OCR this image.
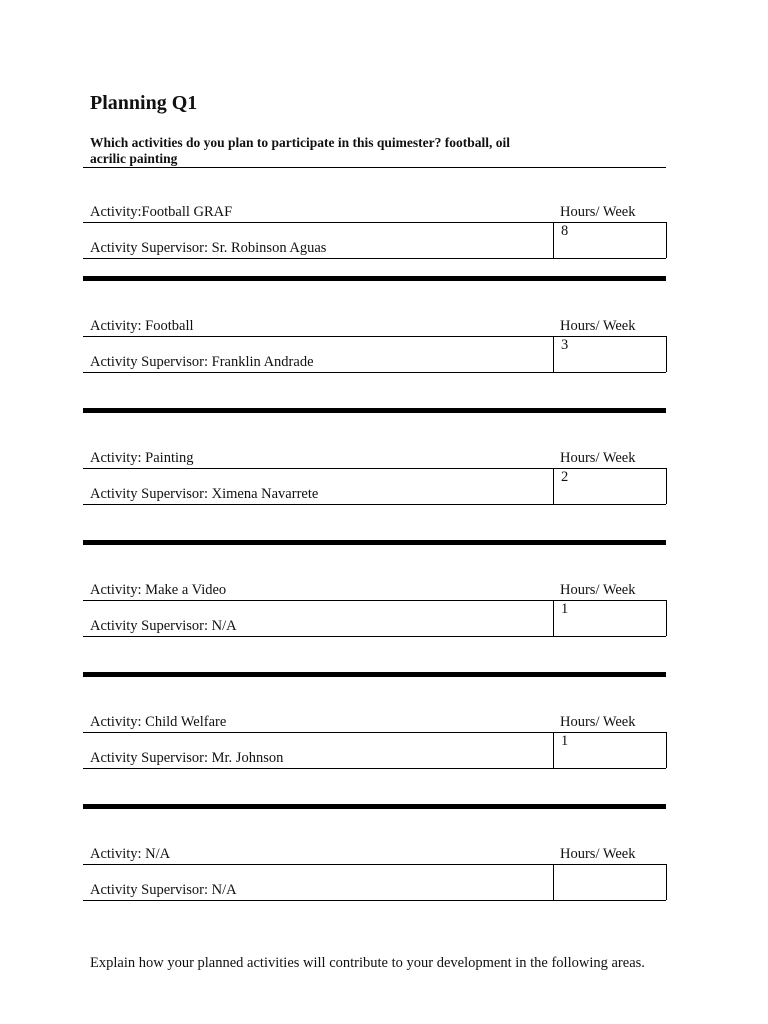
Planning Q1
Which activities do you plan to participate in this quimester? football, oil acrilic painting
Activity:Football GRAF	Hours/ Week
8
Activity Supervisor: Sr. Robinson Aguas
Activity: Football	Hours/ Week
3
Activity Supervisor: Franklin Andrade
Activity: Painting	Hours/ Week
2
Activity Supervisor: Ximena Navarrete
Activity: Make a Video	Hours/ Week
1
Activity Supervisor: N/A
Activity: Child Welfare	Hours/ Week
1
Activity Supervisor: Mr. Johnson
Activity: N/A	Hours/ Week
Activity Supervisor: N/A
Explain how your planned activities will contribute to your development in the following areas.
